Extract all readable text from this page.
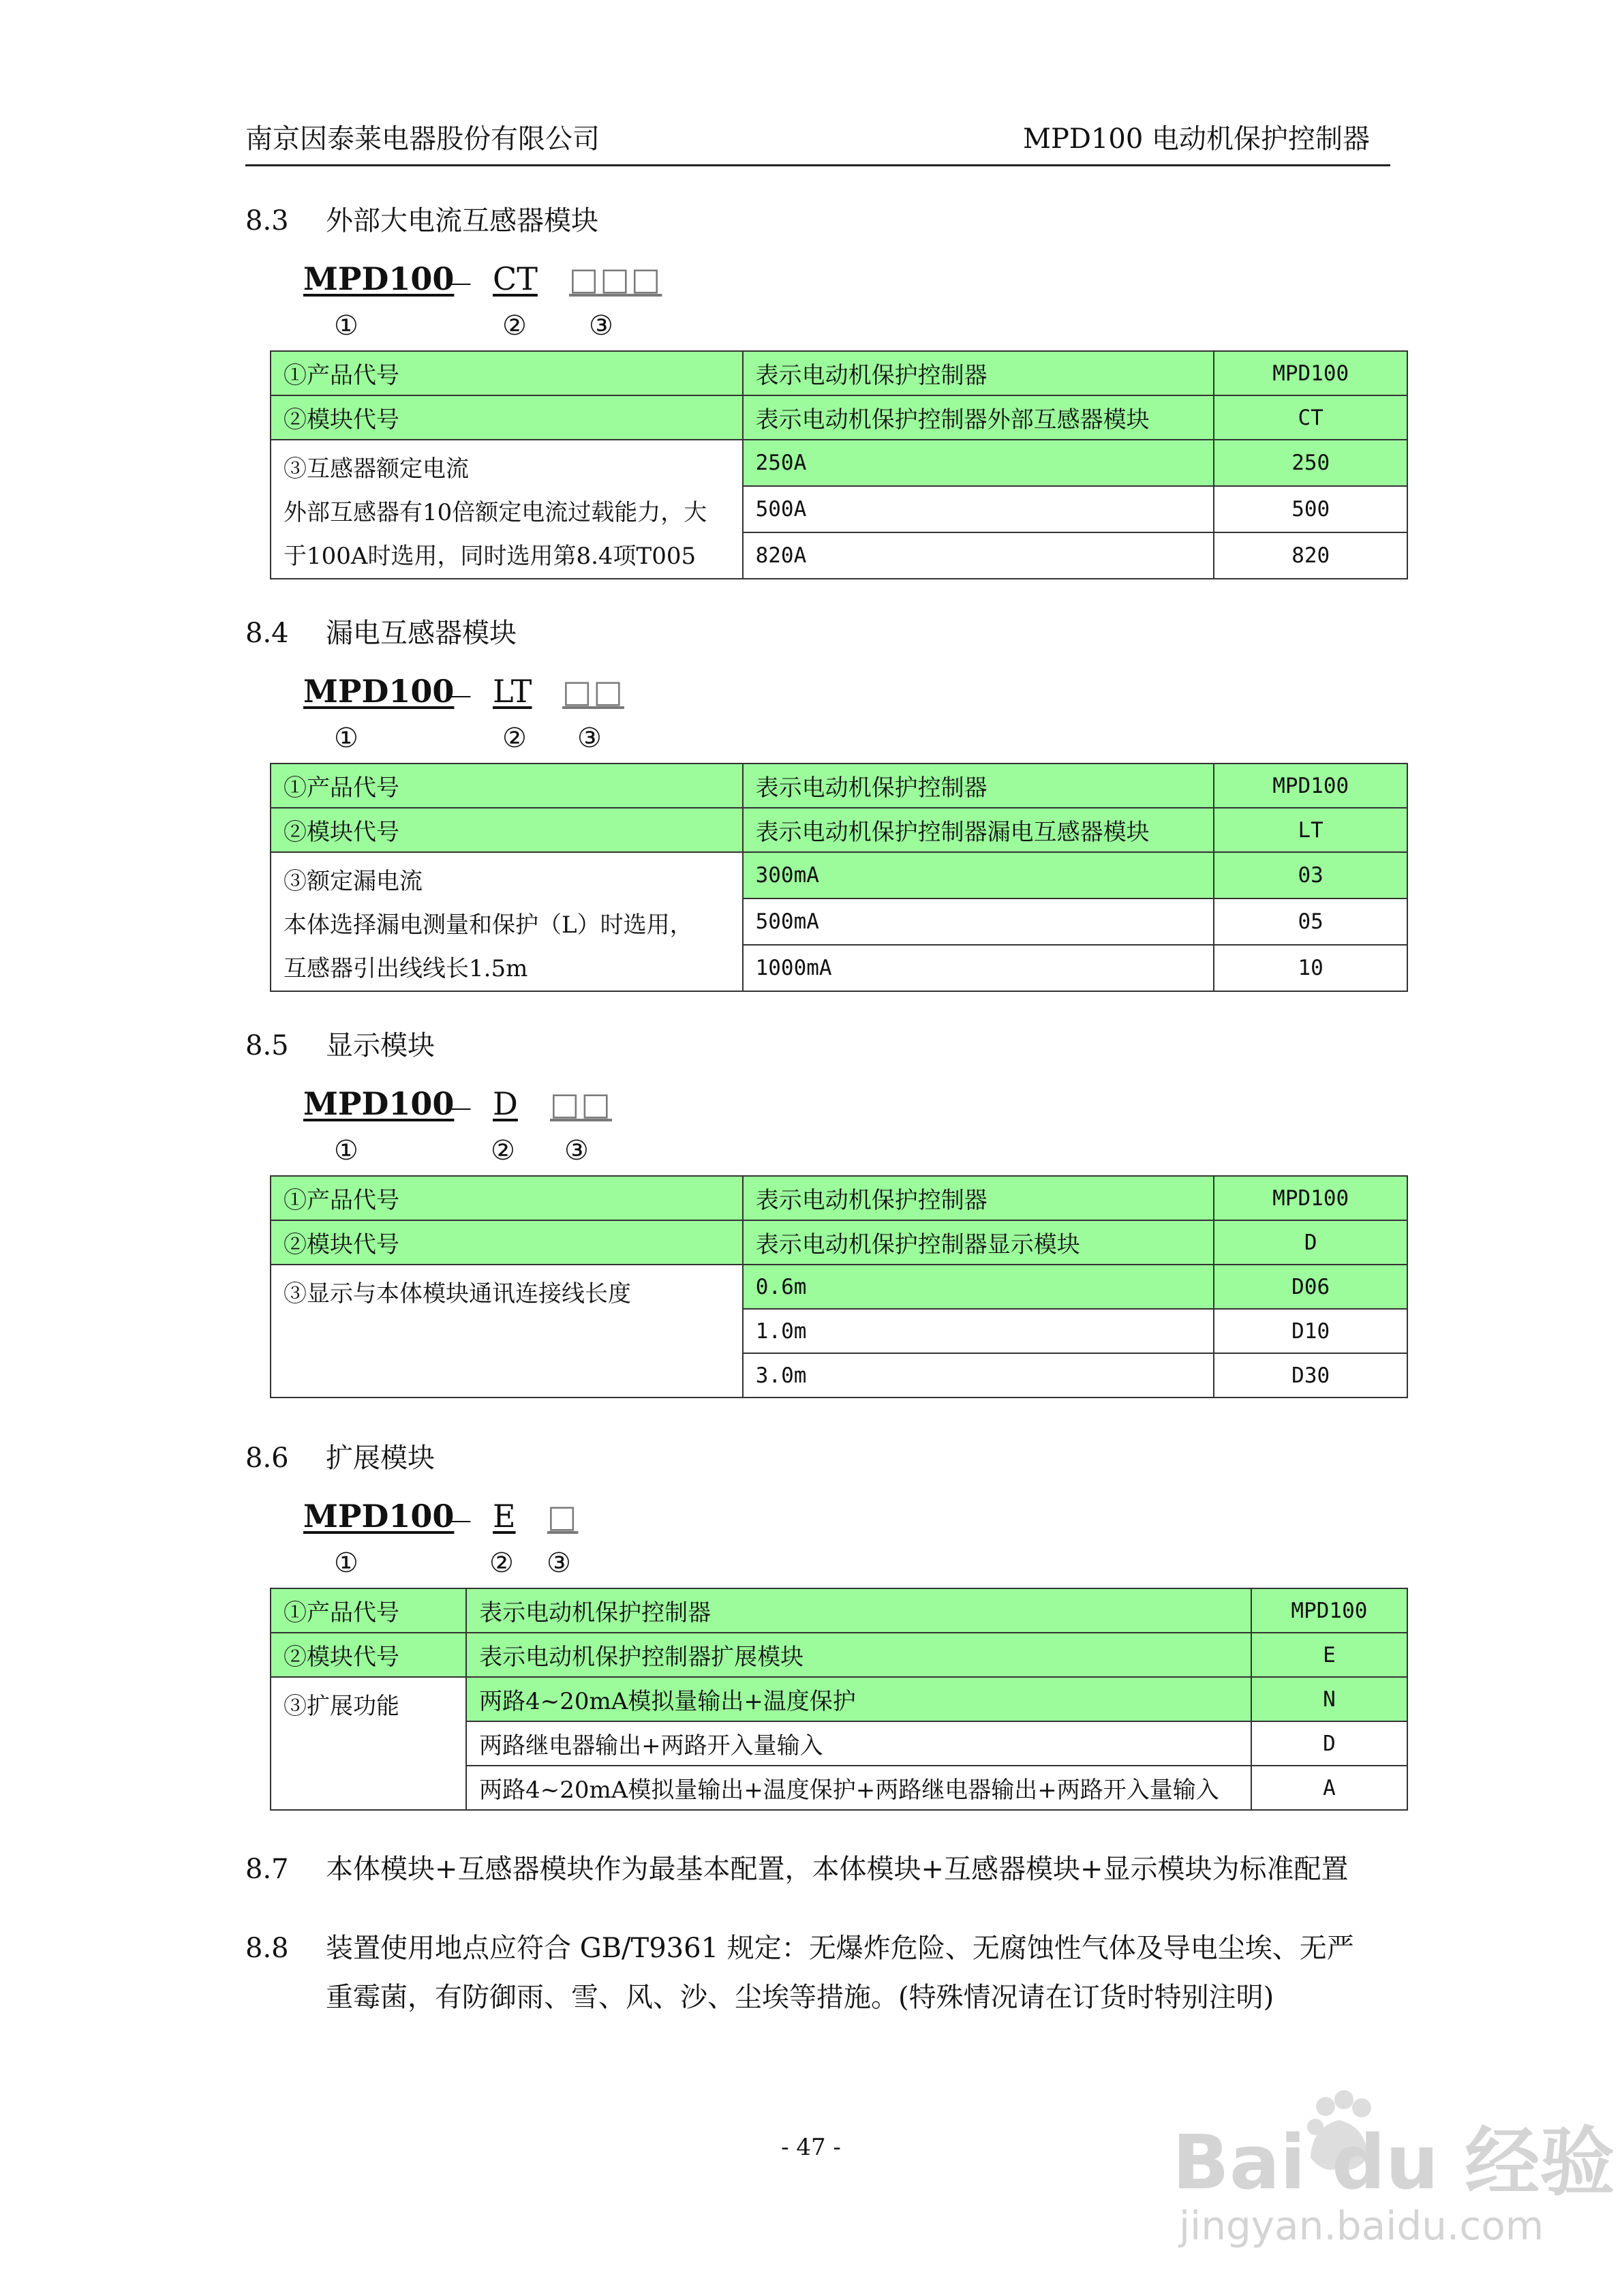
南京因泰莱电器股份有限公司	MPD100 电动机保护控制器
8.3 外部大电流互感器模块
MPD100
－ CT □□□
①	② ③
①产品代号	表示电动机保护控制器	MPD100
②模块代号	表示电动机保护控制器外部互感器模块	CT

③互感器额定电流
外部互感器有10倍额定电流过载能力，大
于100A时选用，同时选用第8.4项T005	250A	250
	500A	500
	820A	820
8.4 漏电互感器模块
MPD100
－ LT □□
①	② ③
①产品代号	表示电动机保护控制器	MPD100
②模块代号	表示电动机保护控制器漏电互感器模块	LT

③额定漏电流
本体选择漏电测量和保护（L）时选用，
互感器引出线线长1.5m	300mA	03
	500mA	05
	1000mA	10
8.5 显示模块
MPD100
－ D □□
①	② ③
①产品代号	表示电动机保护控制器	MPD100
②模块代号	表示电动机保护控制器显示模块	D

③显示与本体模块通讯连接线长度	0.6m	D06
	1.0m	D10
	3.0m	D30
8.6 扩展模块
MPD100
－ E □
①	② ③
①产品代号	表示电动机保护控制器	MPD100
②模块代号	表示电动机保护控制器扩展模块	E

③扩展功能	两路4~20mA模拟量输出+温度保护	N
	两路继电器输出+两路开入量输入	D
	两路4~20mA模拟量输出+温度保护+两路继电器输出+两路开入量输入	A
8.7 本体模块+互感器模块作为最基本配置，本体模块+互感器模块+显示模块为标准配置
8.8 装置使用地点应符合 GB/T9361 规定：无爆炸危险、无腐蚀性气体及导电尘埃、无严
重霉菌，有防御雨、雪、风、沙、尘埃等措施。(特殊情况请在订货时特别注明)
- 47 -	Bai du 经验
jingyan.baidu.com
